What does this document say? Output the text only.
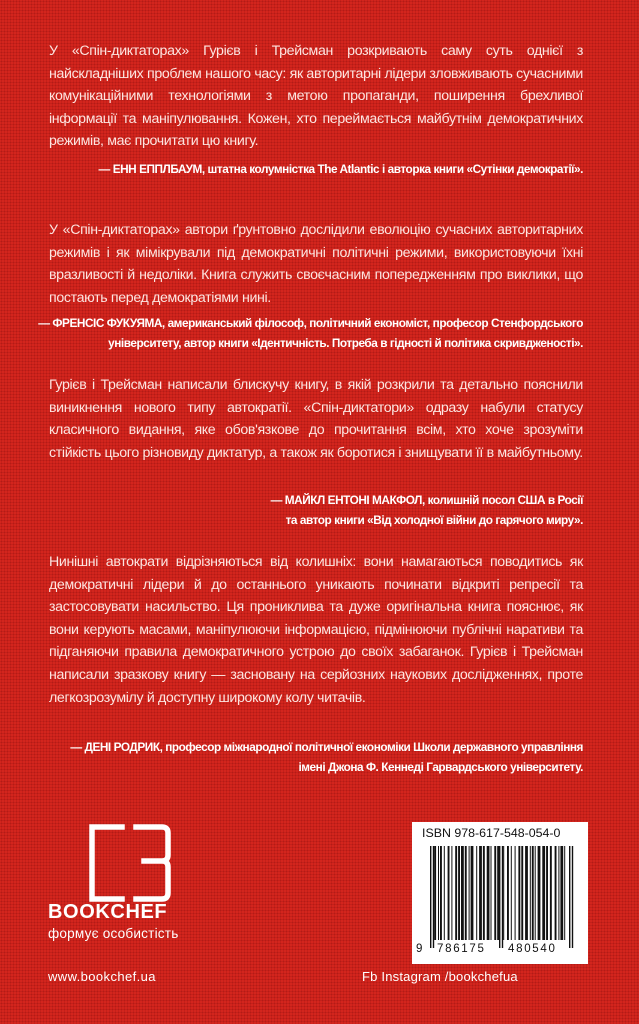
У «Спін-диктаторах» Гурієв і Трейсман розкривають саму суть однієї з найскладніших проблем нашого часу: як авторитарні лідери зловживають сучасними комунікаційними технологіями з метою пропаганди, поширення брехливої інформації та маніпулювання. Кожен, хто переймається майбутнім демократичних режимів, має прочитати цю книгу.
— ЕНН ЕППЛБАУМ, штатна колумністка The Atlantic і авторка книги «Сутінки демократії».
У «Спін-диктаторах» автори ґрунтовно дослідили еволюцію сучасних авторитарних режимів і як мімікрували під демократичні політичні режими, використовуючи їхні вразливості й недоліки. Книга служить своєчасним попередженням про виклики, що постають перед демократіями нині.
— ФРЕНСІС ФУКУЯМА, американський філософ, політичний економіст, професор Стенфордського
університету, автор книги «Ідентичність. Потреба в гідності й політика скривдженості».
Гурієв і Трейсман написали блискучу книгу, в якій розкрили та детально пояснили виникнення нового типу автократії. «Спін-диктатори» одразу набули статусу класичного видання, яке обов'язкове до прочитання всім, хто хоче зрозуміти стійкість цього різновиду диктатур, а також як боротися і знищувати її в майбутньому.
— МАЙКЛ ЕНТОНІ МАКФОЛ, колишній посол США в Росії
та автор книги «Від холодної війни до гарячого миру».
Нинішні автократи відрізняються від колишніх: вони намагаються поводитись як демократичні лідери й до останнього уникають починати відкриті репресії та застосовувати насильство. Ця прониклива та дуже оригінальна книга пояснює, як вони керують масами, маніпулюючи інформацією, підмінюючи публічні наративи та підганяючи правила демократичного устрою до своїх забаганок. Гурієв і Трейсман написали зразкову книгу — засновану на серйозних наукових дослідженнях, проте легкозрозумілу й доступну широкому колу читачів.
— ДЕНІ РОДРИК, професор міжнародної політичної економіки Школи державного управління
імені Джона Ф. Кеннеді Гарвардського університету.
BOOKCHEF
формує особистість
www.bookchef.ua	Fb Instagram /bookchefua
ISBN 978-617-548-054-0
9 786175 480540
